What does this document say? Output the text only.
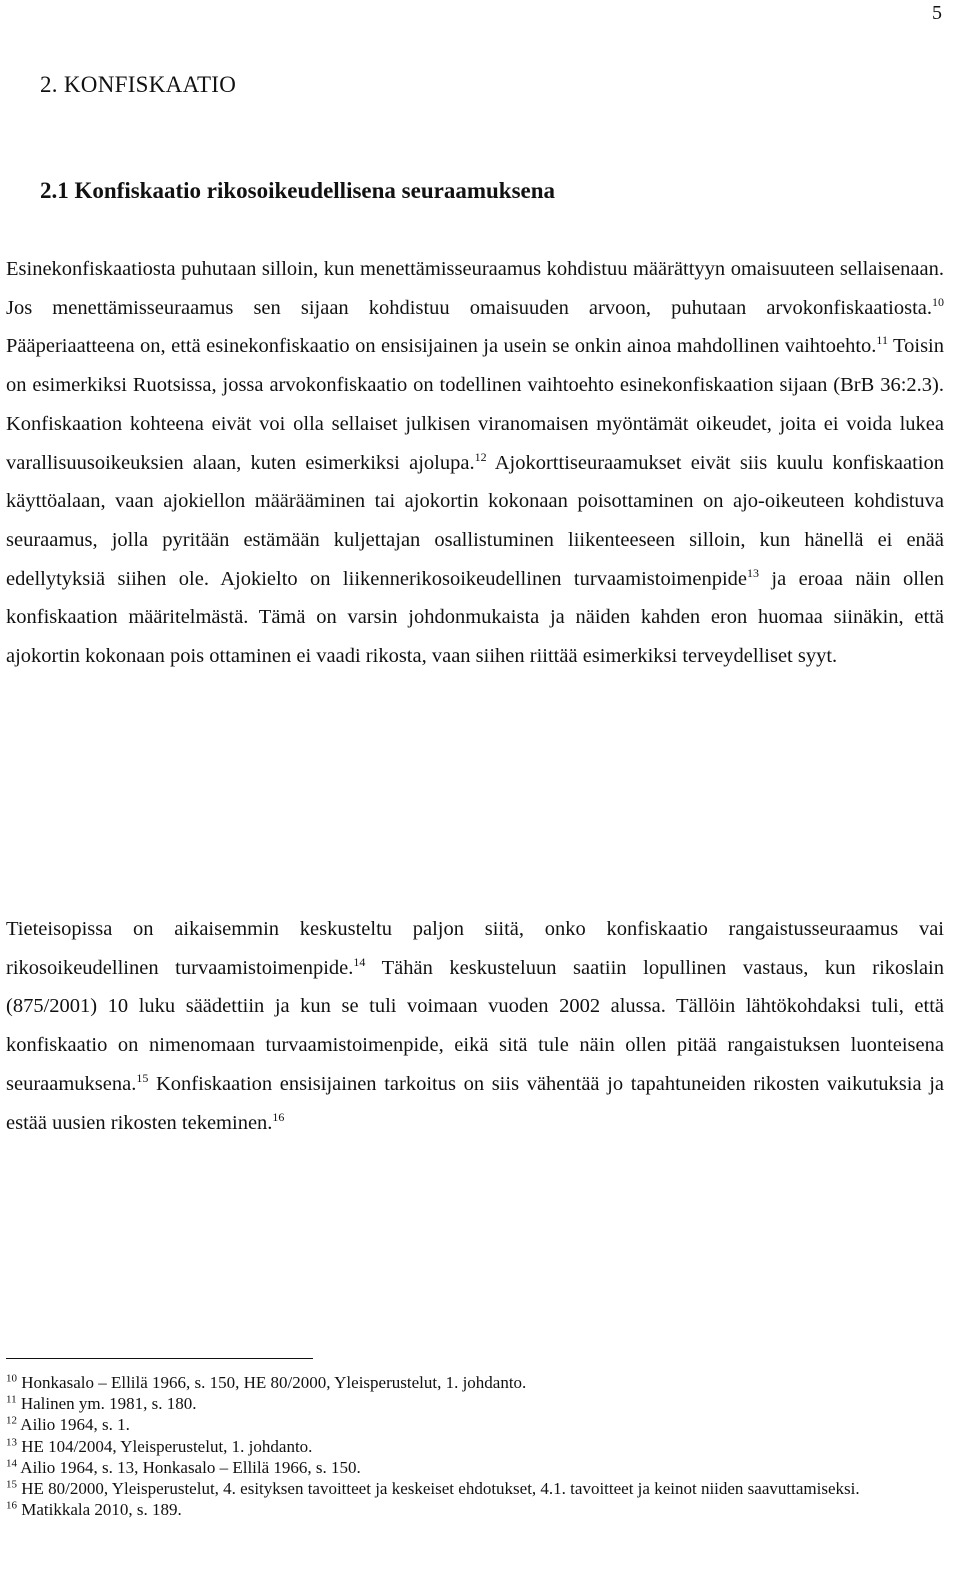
5
2. KONFISKAATIO
2.1 Konfiskaatio rikosoikeudellisena seuraamuksena

Esinekonfiskaatiosta puhutaan silloin, kun menettämisseuraamus kohdistuu määrättyyn omaisuuteen sellaisenaan. Jos menettämisseuraamus sen sijaan kohdistuu omaisuuden arvoon, puhutaan arvokonfiskaatiosta.$^{10}$ Pääperiaatteena on, että esinekonfiskaatio on ensisijainen ja usein se onkin ainoa mahdollinen vaihtoehto.$^{11}$ Toisin on esimerkiksi Ruotsissa, jossa arvokonfiskaatio on todellinen vaihtoehto esinekonfiskaation sijaan (BrB 36:2.3). Konfiskaation kohteena eivät voi olla sellaiset julkisen viranomaisen myöntämät oikeudet, joita ei voida lukea varallisuusoikeuksien alaan, kuten esimerkiksi ajolupa.$^{12}$ Ajokorttiseuraamukset eivät siis kuulu konfiskaation käyttöalaan, vaan ajokiellon määrääminen tai ajokortin kokonaan poisottaminen on ajo-oikeuteen kohdistuva seuraamus, jolla pyritään estämään kuljettajan osallistuminen liikenteeseen silloin, kun hänellä ei enää edellytyksiä siihen ole. Ajokielto on liikennerikosoikeudellinen turvaamistoimenpide$^{13}$ ja eroaa näin ollen konfiskaation määritelmästä. Tämä on varsin johdonmukaista ja näiden kahden eron huomaa siinäkin, että ajokortin kokonaan pois ottaminen ei vaadi rikosta, vaan siihen riittää esimerkiksi terveydelliset syyt.

Tieteisopissa on aikaisemmin keskusteltu paljon siitä, onko konfiskaatio rangaistusseuraamus vai rikosoikeudellinen turvaamistoimenpide.$^{14}$ Tähän keskusteluun saatiin lopullinen vastaus, kun rikoslain (875/2001) 10 luku säädettiin ja kun se tuli voimaan vuoden 2002 alussa. Tällöin lähtökohdaksi tuli, että konfiskaatio on nimenomaan turvaamistoimenpide, eikä sitä tule näin ollen pitää rangaistuksen luonteisena seuraamuksena.$^{15}$ Konfiskaation ensisijainen tarkoitus on siis vähentää jo tapahtuneiden rikosten vaikutuksia ja estää uusien rikosten tekeminen.$^{16}$

$^{10}$ Honkasalo – Ellilä 1966, s. 150, HE 80/2000, Yleisperustelut, 1. johdanto.

$^{11}$ Halinen ym. 1981, s. 180.

$^{12}$ Ailio 1964, s. 1.

$^{13}$ HE 104/2004, Yleisperustelut, 1. johdanto.

$^{14}$ Ailio 1964, s. 13, Honkasalo – Ellilä 1966, s. 150.

$^{15}$ HE 80/2000, Yleisperustelut, 4. esityksen tavoitteet ja keskeiset ehdotukset, 4.1. tavoitteet ja keinot niiden saavuttamiseksi.

$^{16}$ Matikkala 2010, s. 189.
